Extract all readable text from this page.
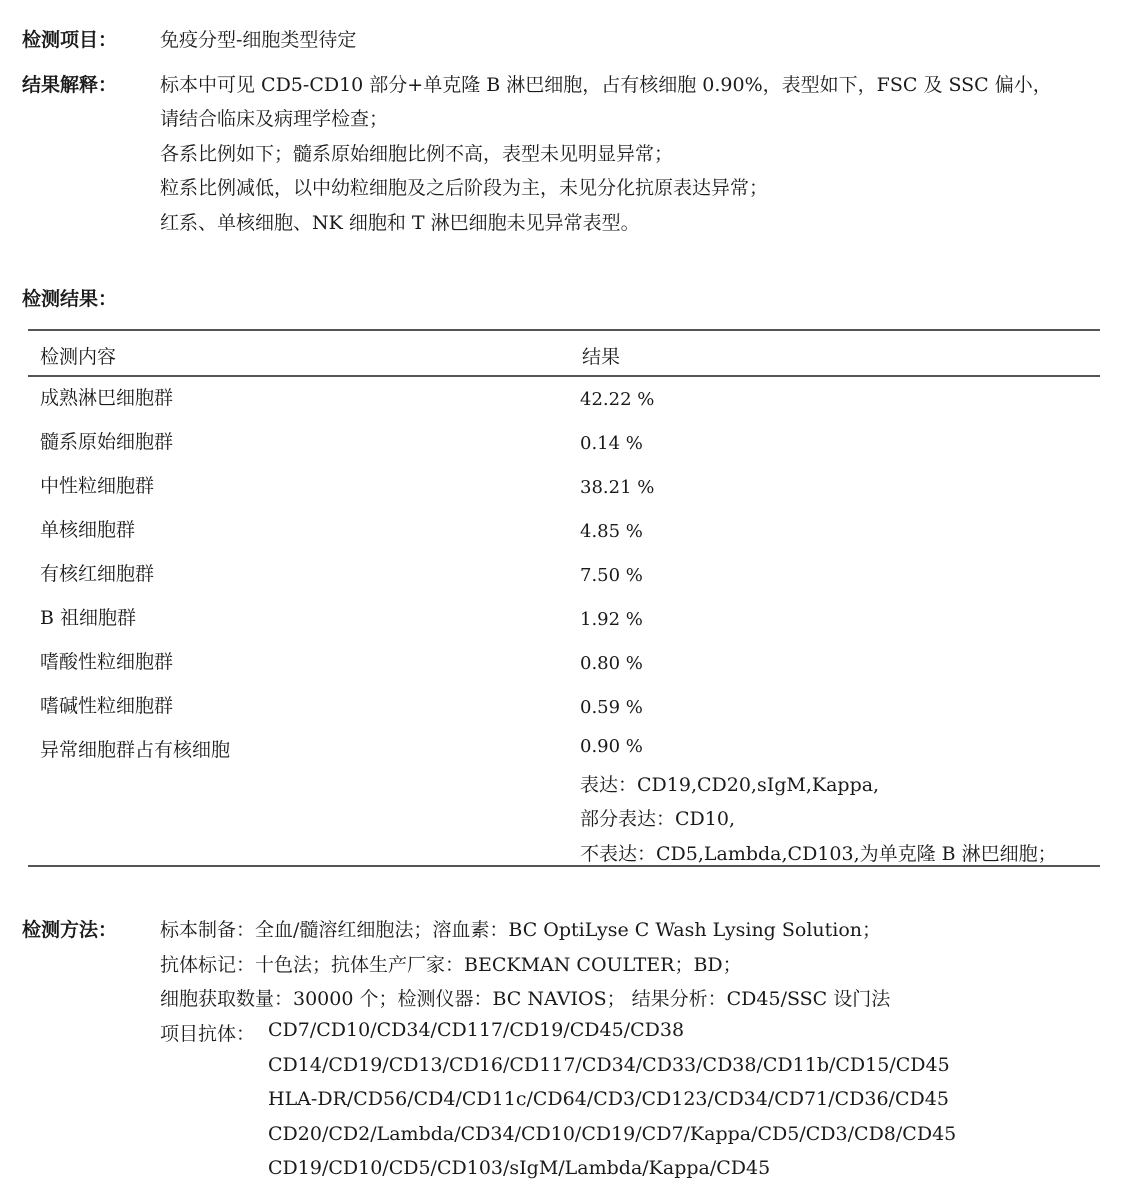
检测项目： 免疫分型-细胞类型待定
结果解释： 标本中可见 CD5-CD10 部分+单克隆 B 淋巴细胞，占有核细胞 0.90%，表型如下，FSC 及 SSC 偏小，
请结合临床及病理学检查；
各系比例如下；髓系原始细胞比例不高，表型未见明显异常；
粒系比例减低，以中幼粒细胞及之后阶段为主，未见分化抗原表达异常；
红系、单核细胞、NK 细胞和 T 淋巴细胞未见异常表型。
检测结果：
检测内容	结果
成熟淋巴细胞群	42.22 %
髓系原始细胞群	0.14 %
中性粒细胞群	38.21 %
单核细胞群	4.85 %
有核红细胞群	7.50 %
B 祖细胞群	1.92 %
嗜酸性粒细胞群	0.80 %
嗜碱性粒细胞群	0.59 %
异常细胞群占有核细胞	0.90 %
表达：CD19,CD20,sIgM,Kappa,
部分表达：CD10,
不表达：CD5,Lambda,CD103,为单克隆 B 淋巴细胞；
检测方法： 标本制备：全血/髓溶红细胞法；溶血素：BC OptiLyse C Wash Lysing Solution；
抗体标记：十色法；抗体生产厂家：BECKMAN COULTER；BD；
细胞获取数量：30000 个；检测仪器：BC NAVIOS； 结果分析：CD45/SSC 设门法
项目抗体： CD7/CD10/CD34/CD117/CD19/CD45/CD38
CD14/CD19/CD13/CD16/CD117/CD34/CD33/CD38/CD11b/CD15/CD45
HLA-DR/CD56/CD4/CD11c/CD64/CD3/CD123/CD34/CD71/CD36/CD45
CD20/CD2/Lambda/CD34/CD10/CD19/CD7/Kappa/CD5/CD3/CD8/CD45
CD19/CD10/CD5/CD103/sIgM/Lambda/Kappa/CD45
